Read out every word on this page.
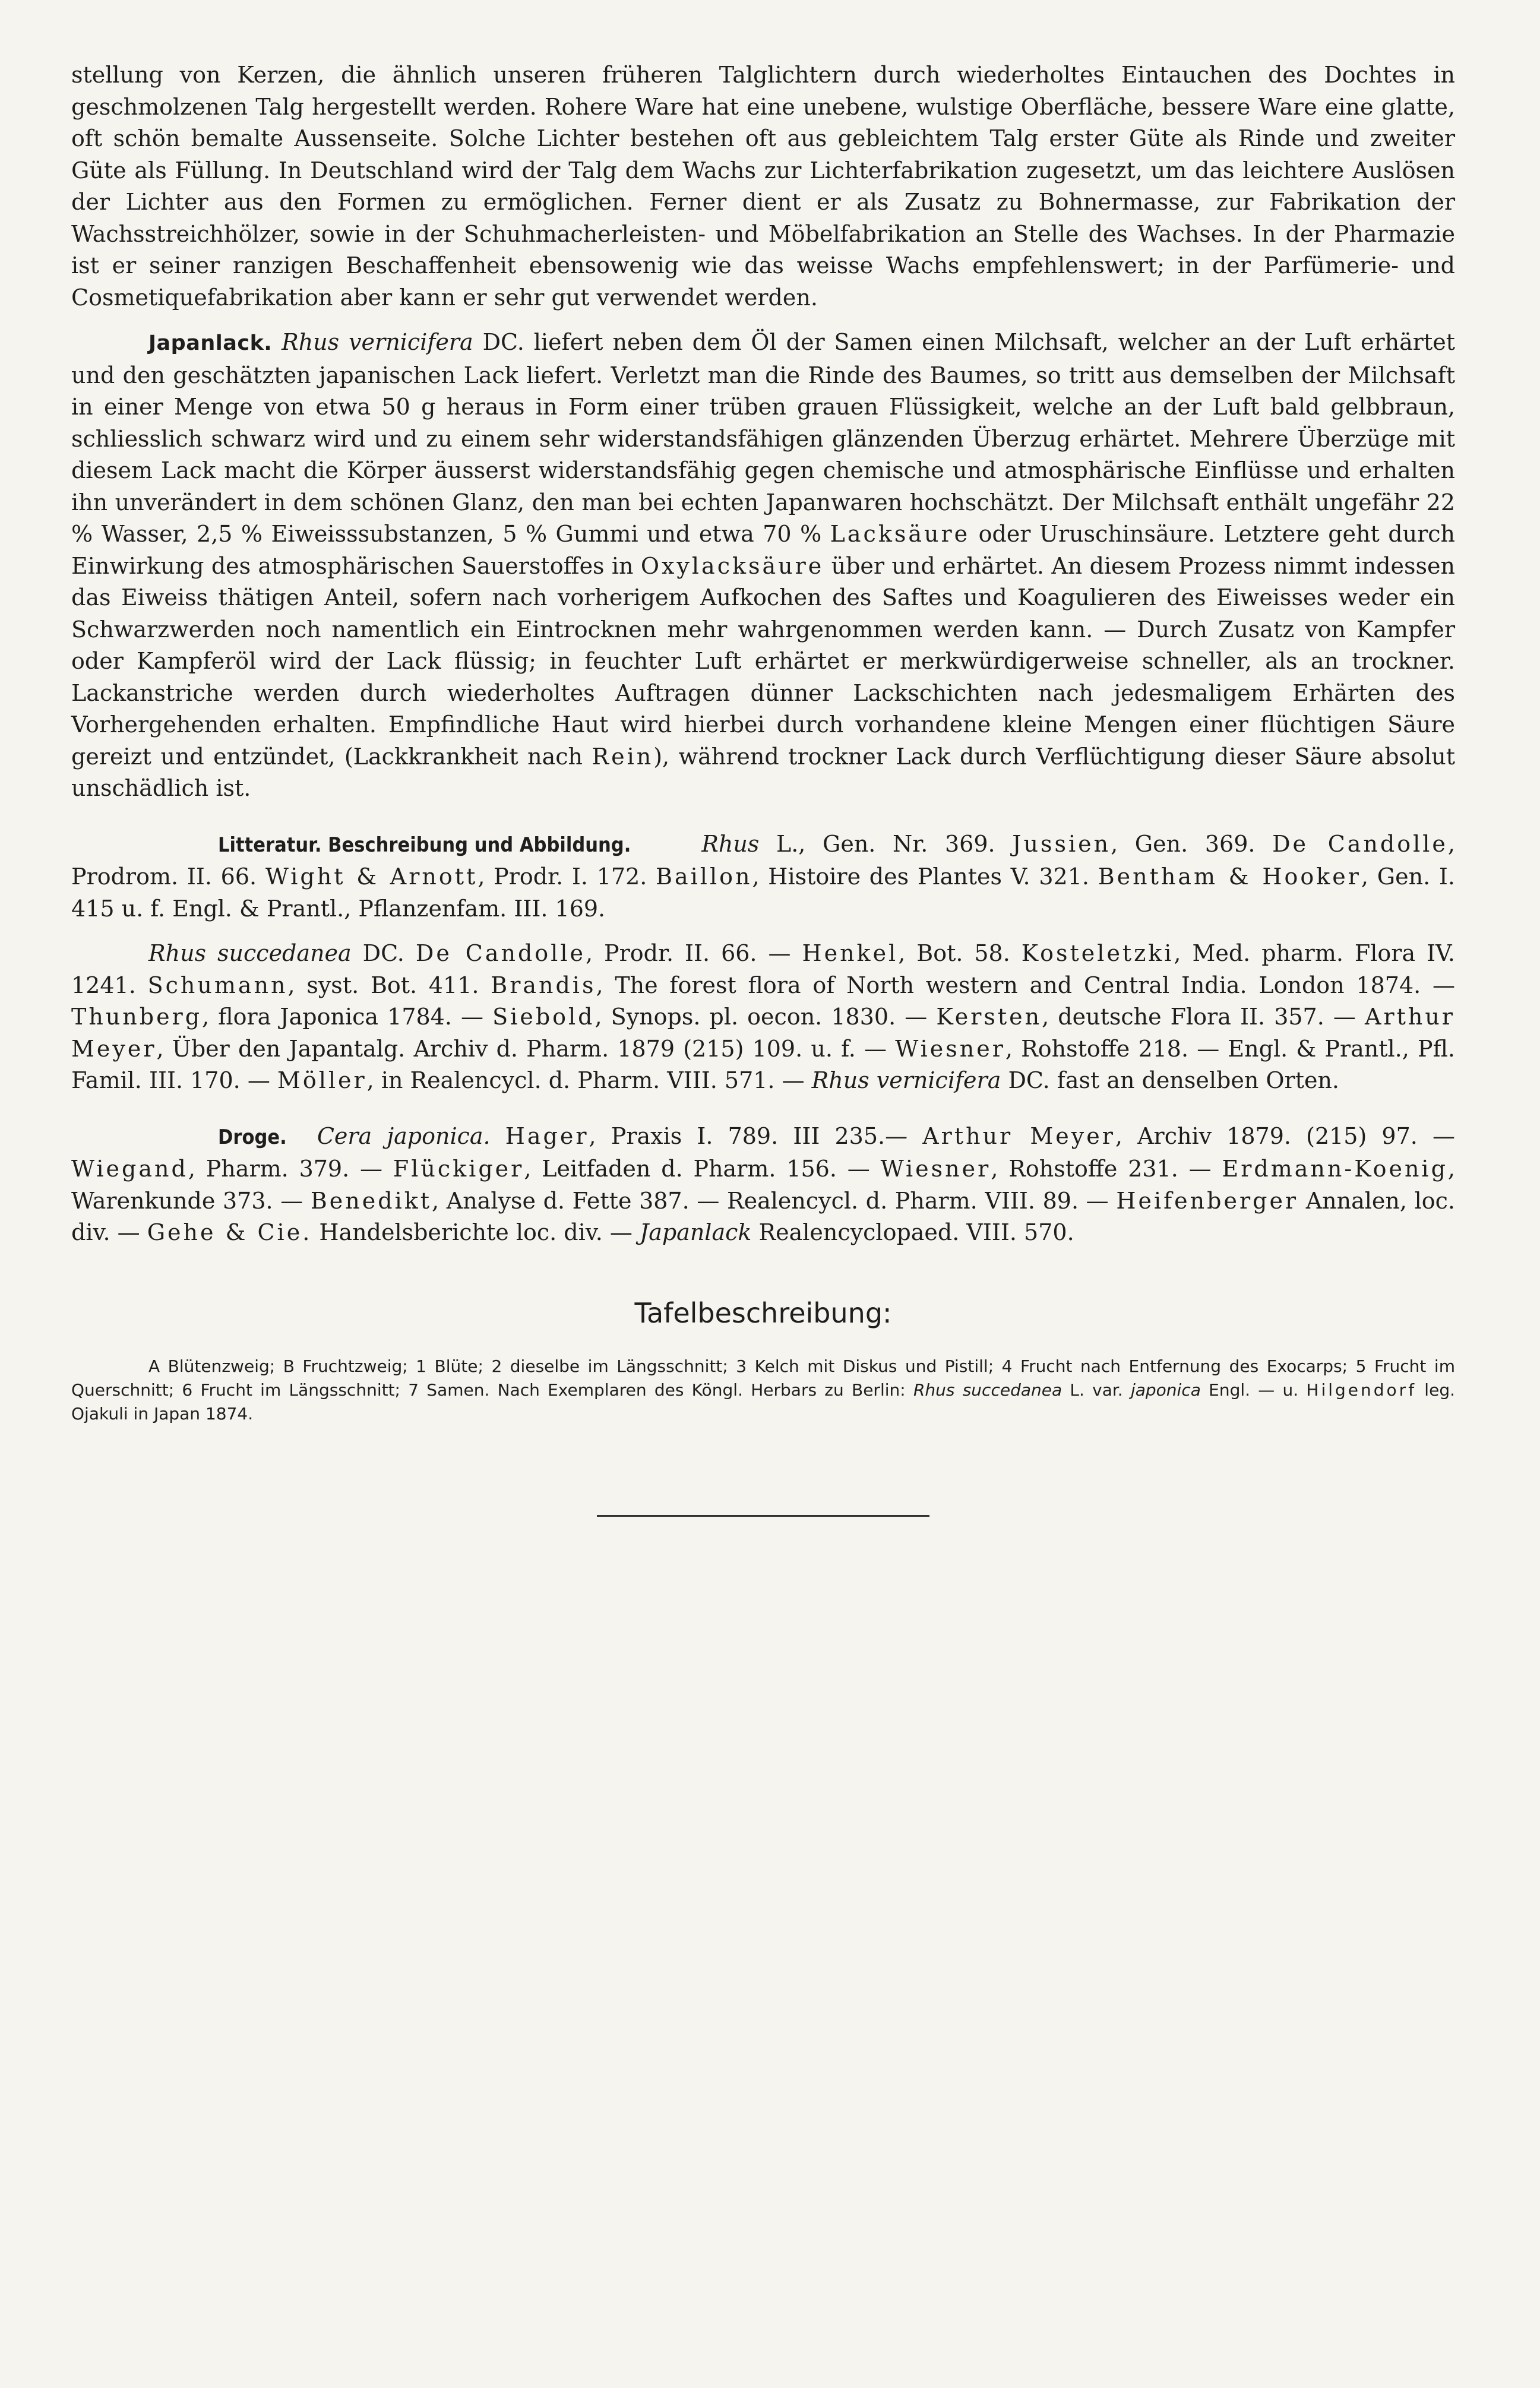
stellung von Kerzen, die ähnlich unseren früheren Talglichtern durch wiederholtes Eintauchen des Dochtes in geschmolzenen Talg hergestellt werden. Rohere Ware hat eine unebene, wulstige Oberfläche, bessere Ware eine glatte, oft schön bemalte Aussenseite. Solche Lichter bestehen oft aus gebleichtem Talg erster Güte als Rinde und zweiter Güte als Füllung. In Deutschland wird der Talg dem Wachs zur Lichterfabrikation zugesetzt, um das leichtere Auslösen der Lichter aus den Formen zu ermöglichen. Ferner dient er als Zusatz zu Bohnermasse, zur Fabrikation der Wachsstreichhölzer, sowie in der Schuhmacherleisten- und Möbelfabrikation an Stelle des Wachses. In der Pharmazie ist er seiner ranzigen Beschaffenheit ebensowenig wie das weisse Wachs empfehlenswert; in der Parfümerie- und Cosmetiquefabrikation aber kann er sehr gut verwendet werden.

Japanlack. Rhus vernicifera DC. liefert neben dem Öl der Samen einen Milchsaft, welcher an der Luft erhärtet und den geschätzten japanischen Lack liefert. Verletzt man die Rinde des Baumes, so tritt aus demselben der Milchsaft in einer Menge von etwa 50 g heraus in Form einer trüben grauen Flüssigkeit, welche an der Luft bald gelbbraun, schliesslich schwarz wird und zu einem sehr widerstandsfähigen glänzenden Überzug erhärtet. Mehrere Überzüge mit diesem Lack macht die Körper äusserst widerstandsfähig gegen chemische und atmosphärische Einflüsse und erhalten ihn unverändert in dem schönen Glanz, den man bei echten Japanwaren hochschätzt. Der Milchsaft enthält ungefähr 22 % Wasser, 2,5 % Eiweisssubstanzen, 5 % Gummi und etwa 70 % Lacksäure oder Uruschinsäure. Letztere geht durch Einwirkung des atmosphärischen Sauerstoffes in Oxylacksäure über und erhärtet. An diesem Prozess nimmt indessen das Eiweiss thätigen Anteil, sofern nach vorherigem Aufkochen des Saftes und Koagulieren des Eiweisses weder ein Schwarzwerden noch namentlich ein Eintrocknen mehr wahrgenommen werden kann. — Durch Zusatz von Kampfer oder Kampferöl wird der Lack flüssig; in feuchter Luft erhärtet er merkwürdigerweise schneller, als an trockner. Lackanstriche werden durch wiederholtes Auftragen dünner Lackschichten nach jedesmaligem Erhärten des Vorhergehenden erhalten. Empfindliche Haut wird hierbei durch vorhandene kleine Mengen einer flüchtigen Säure gereizt und entzündet, (Lackkrankheit nach Rein), während trockner Lack durch Verflüchtigung dieser Säure absolut unschädlich ist.

Litteratur. Beschreibung und Abbildung.	Rhus L., Gen. Nr. 369. Jussien, Gen. 369. De Candolle, Prodrom. II. 66. Wight & Arnott, Prodr. I. 172. Baillon, Histoire des Plantes V. 321. Bentham & Hooker, Gen. I. 415 u. f. Engl. & Prantl., Pflanzenfam. III. 169.

Rhus succedanea DC. De Candolle, Prodr. II. 66. — Henkel, Bot. 58. Kosteletzki, Med. pharm. Flora IV. 1241. Schumann, syst. Bot. 411. Brandis, The forest flora of North western and Central India. London 1874. — Thunberg, flora Japonica 1784. — Siebold, Synops. pl. oecon. 1830. — Kersten, deutsche Flora II. 357. — Arthur Meyer, Über den Japantalg. Archiv d. Pharm. 1879 (215) 109. u. f. — Wiesner, Rohstoffe 218. — Engl. & Prantl., Pfl. Famil. III. 170. — Möller, in Realencycl. d. Pharm. VIII. 571. — Rhus vernicifera DC. fast an denselben Orten.

Droge. Cera japonica. Hager, Praxis I. 789. III 235.— Arthur Meyer, Archiv 1879. (215) 97. — Wiegand, Pharm. 379. — Flückiger, Leitfaden d. Pharm. 156. — Wiesner, Rohstoffe 231. — Erdmann-Koenig, Warenkunde 373. — Benedikt, Analyse d. Fette 387. — Realencycl. d. Pharm. VIII. 89. — Heifenberger Annalen, loc. div. — Gehe & Cie. Handelsberichte loc. div. — Japanlack Realencyclopaed. VIII. 570.

Tafelbeschreibung:

A Blütenzweig; B Fruchtzweig; 1 Blüte; 2 dieselbe im Längsschnitt; 3 Kelch mit Diskus und Pistill; 4 Frucht nach Entfernung des Exocarps; 5 Frucht im Querschnitt; 6 Frucht im Längsschnitt; 7 Samen. Nach Exemplaren des Köngl. Herbars zu Berlin: Rhus succedanea L. var. japonica Engl. — u. Hilgendorf leg. Ojakuli in Japan 1874.
